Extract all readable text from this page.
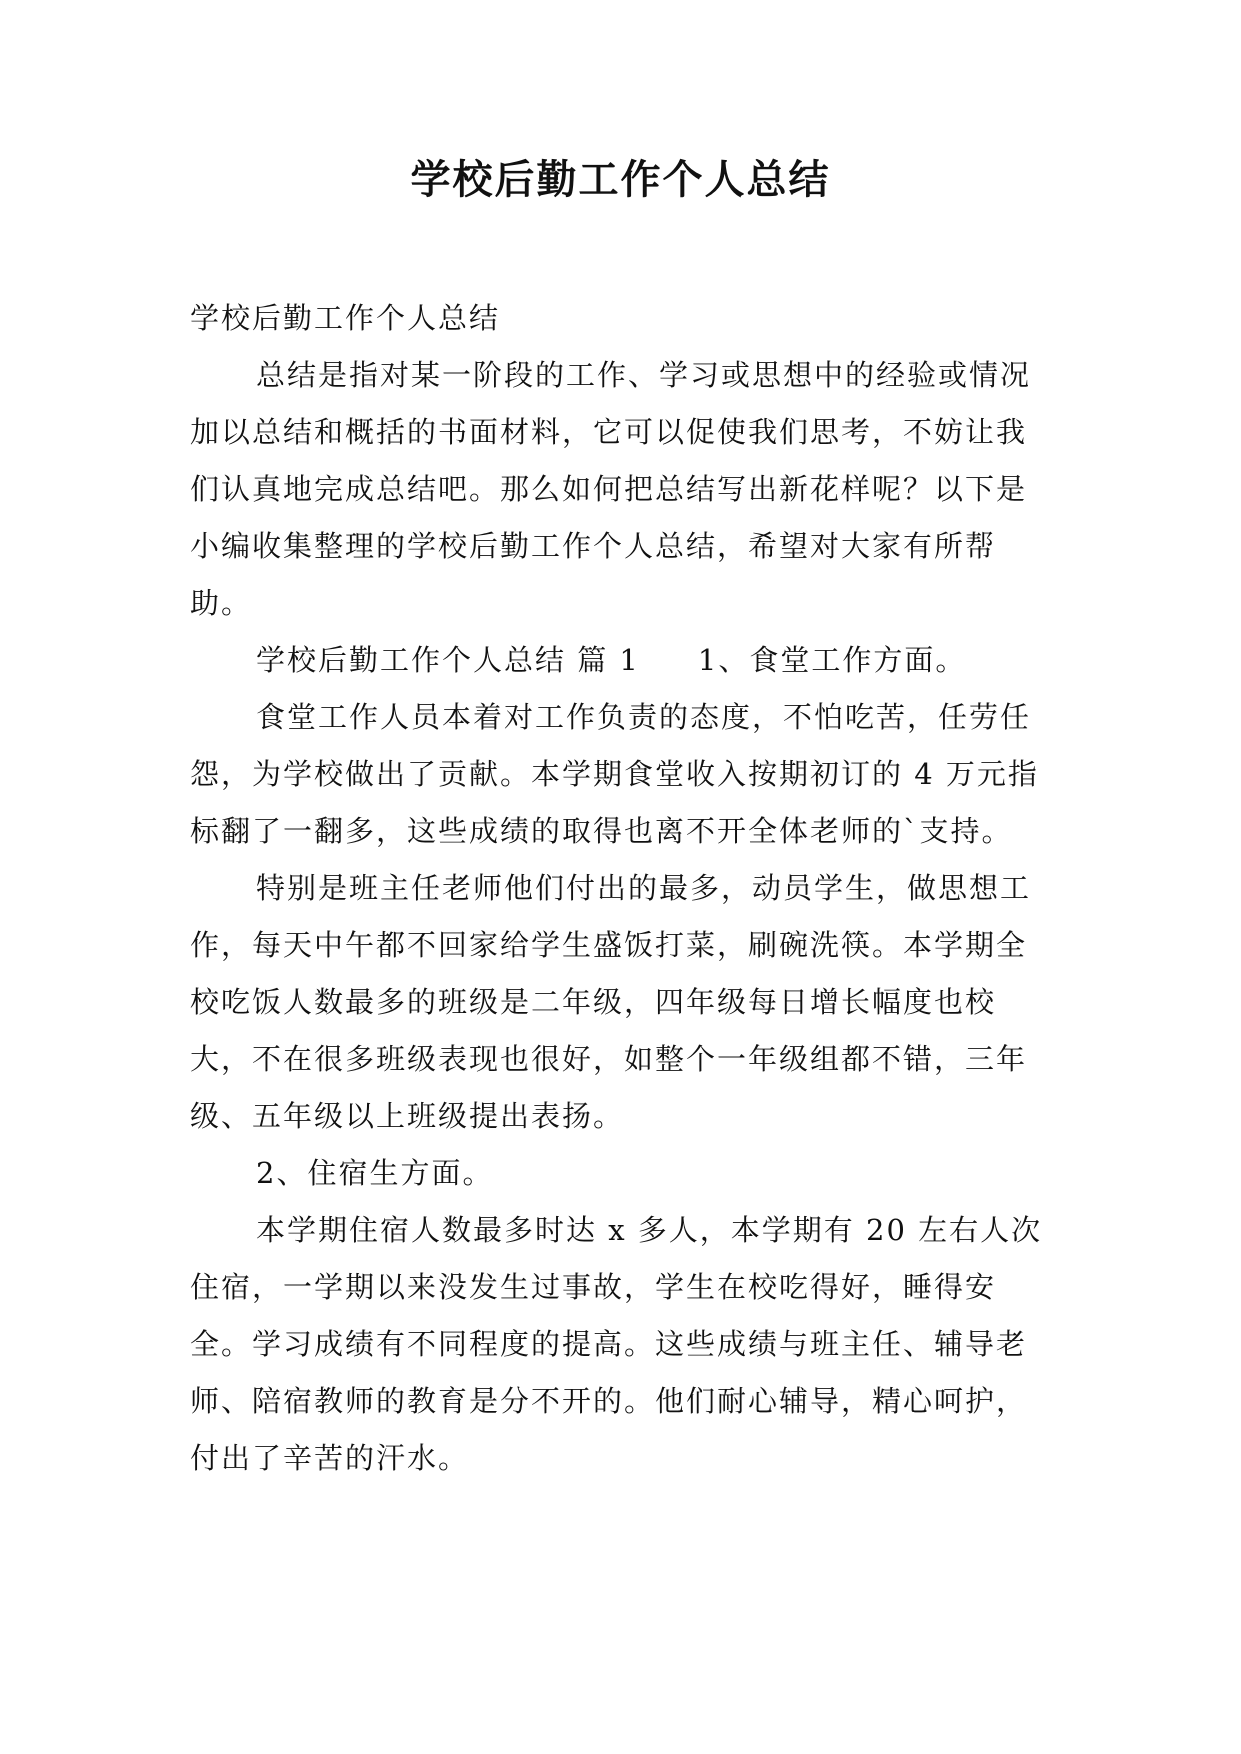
学校后勤工作个人总结

学校后勤工作个人总结

总结是指对某一阶段的工作、学习或思想中的经验或情况加以总结和概括的书面材料，它可以促使我们思考，不妨让我们认真地完成总结吧。那么如何把总结写出新花样呢？以下是小编收集整理的学校后勤工作个人总结，希望对大家有所帮助。

学校后勤工作个人总结 篇 1 1、食堂工作方面。

食堂工作人员本着对工作负责的态度，不怕吃苦，任劳任怨，为学校做出了贡献。本学期食堂收入按期初订的 4 万元指标翻了一翻多，这些成绩的取得也离不开全体老师的`支持。

特别是班主任老师他们付出的最多，动员学生，做思想工作，每天中午都不回家给学生盛饭打菜，刷碗洗筷。本学期全校吃饭人数最多的班级是二年级，四年级每日增长幅度也校大，不在很多班级表现也很好，如整个一年级组都不错，三年级、五年级以上班级提出表扬。

2、住宿生方面。

本学期住宿人数最多时达 x 多人，本学期有 20 左右人次住宿，一学期以来没发生过事故，学生在校吃得好，睡得安全。学习成绩有不同程度的提高。这些成绩与班主任、辅导老师、陪宿教师的教育是分不开的。他们耐心辅导，精心呵护，付出了辛苦的汗水。
